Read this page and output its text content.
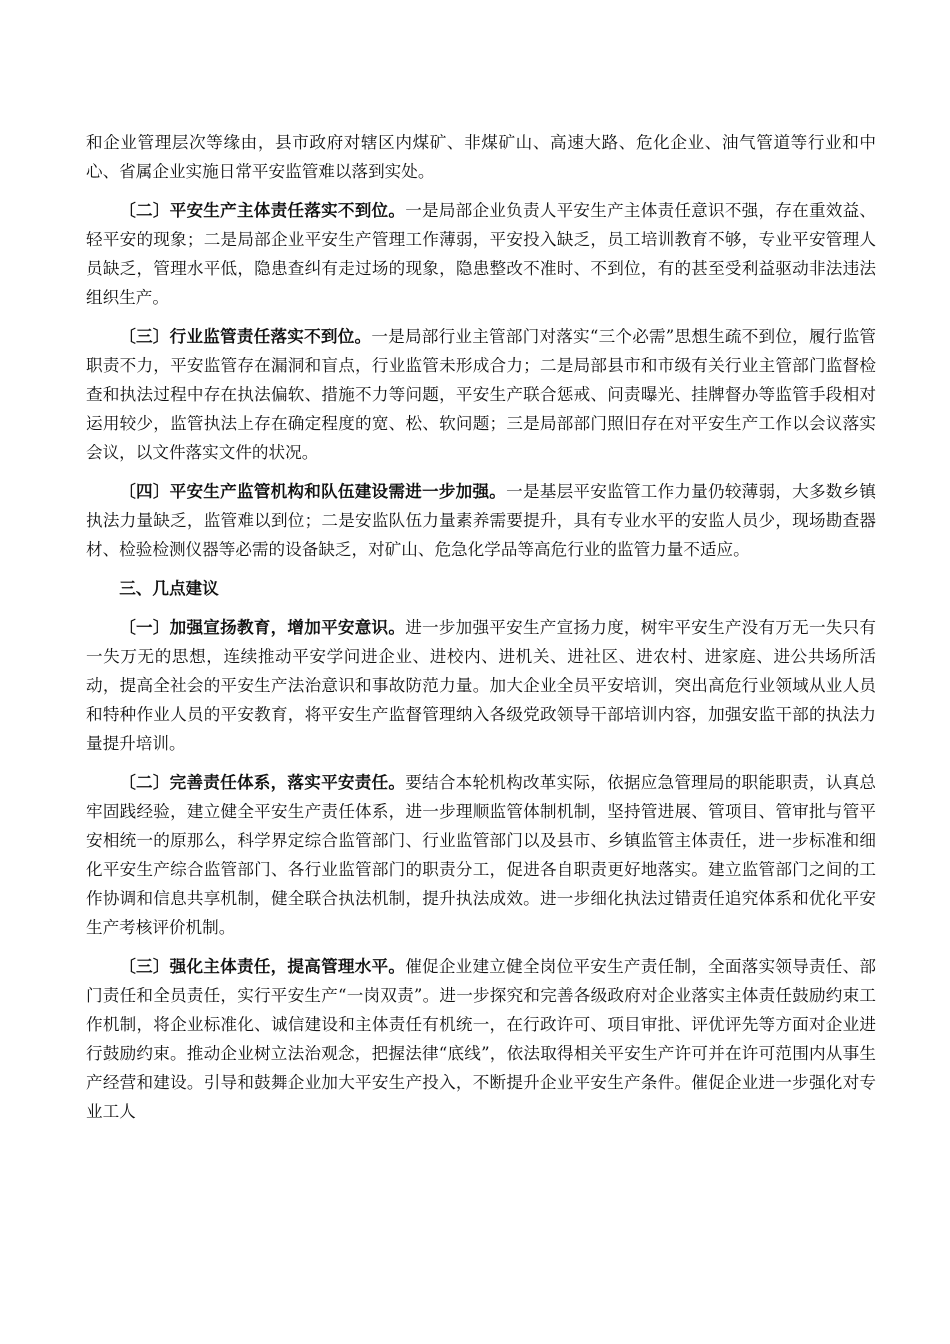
和企业管理层次等缘由，县市政府对辖区内煤矿、非煤矿山、高速大路、危化企业、油气管道等行业和中心、省属企业实施日常平安监管难以落到实处。

〔二〕平安生产主体责任落实不到位。一是局部企业负责人平安生产主体责任意识不强，存在重效益、轻平安的现象；二是局部企业平安生产管理工作薄弱，平安投入缺乏，员工培训教育不够，专业平安管理人员缺乏，管理水平低，隐患查纠有走过场的现象，隐患整改不准时、不到位，有的甚至受利益驱动非法违法组织生产。

〔三〕行业监管责任落实不到位。一是局部行业主管部门对落实“三个必需”思想生疏不到位，履行监管职责不力，平安监管存在漏洞和盲点，行业监管未形成合力；二是局部县市和市级有关行业主管部门监督检查和执法过程中存在执法偏软、措施不力等问题，平安生产联合惩戒、问责曝光、挂牌督办等监管手段相对运用较少，监管执法上存在确定程度的宽、松、软问题；三是局部部门照旧存在对平安生产工作以会议落实会议，以文件落实文件的状况。

〔四〕平安生产监管机构和队伍建设需进一步加强。一是基层平安监管工作力量仍较薄弱，大多数乡镇执法力量缺乏，监管难以到位；二是安监队伍力量素养需要提升，具有专业水平的安监人员少，现场勘查器材、检验检测仪器等必需的设备缺乏，对矿山、危急化学品等高危行业的监管力量不适应。

三、几点建议

〔一〕加强宣扬教育，增加平安意识。进一步加强平安生产宣扬力度，树牢平安生产没有万无一失只有一失万无的思想，连续推动平安学问进企业、进校内、进机关、进社区、进农村、进家庭、进公共场所活动，提高全社会的平安生产法治意识和事故防范力量。加大企业全员平安培训，突出高危行业领域从业人员和特种作业人员的平安教育，将平安生产监督管理纳入各级党政领导干部培训内容，加强安监干部的执法力量提升培训。

〔二〕完善责任体系，落实平安责任。要结合本轮机构改革实际，依据应急管理局的职能职责，认真总牢固践经验，建立健全平安生产责任体系，进一步理顺监管体制机制，坚持管进展、管项目、管审批与管平安相统一的原那么，科学界定综合监管部门、行业监管部门以及县市、乡镇监管主体责任，进一步标准和细化平安生产综合监管部门、各行业监管部门的职责分工，促进各自职责更好地落实。建立监管部门之间的工作协调和信息共享机制，健全联合执法机制，提升执法成效。进一步细化执法过错责任追究体系和优化平安生产考核评价机制。

〔三〕强化主体责任，提高管理水平。催促企业建立健全岗位平安生产责任制，全面落实领导责任、部门责任和全员责任，实行平安生产“一岗双责”。进一步探究和完善各级政府对企业落实主体责任鼓励约束工作机制，将企业标准化、诚信建设和主体责任有机统一，在行政许可、项目审批、评优评先等方面对企业进行鼓励约束。推动企业树立法治观念，把握法律“底线”，依法取得相关平安生产许可并在许可范围内从事生产经营和建设。引导和鼓舞企业加大平安生产投入，不断提升企业平安生产条件。催促企业进一步强化对专业工人
